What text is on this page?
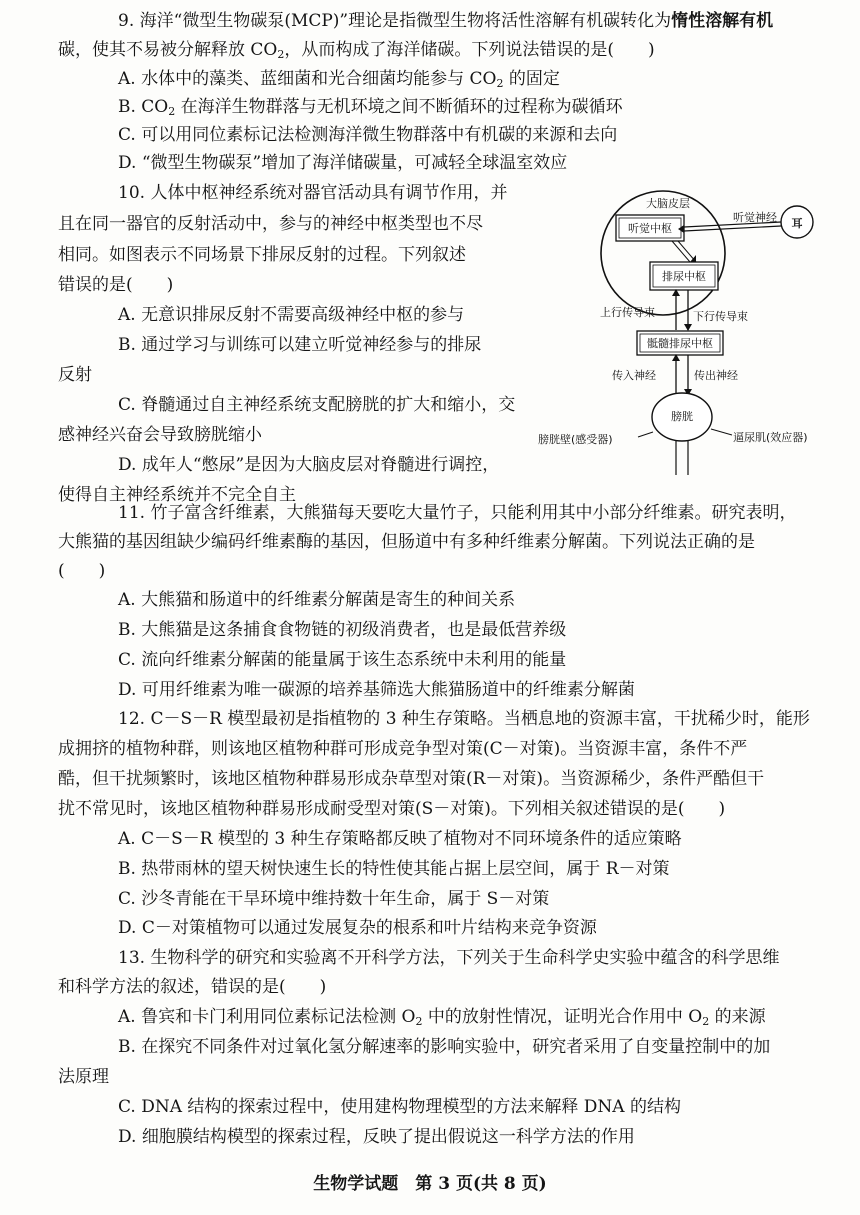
9. 海洋“微型生物碳泵(MCP)”理论是指微型生物将活性溶解有机碳转化为惰性溶解有机
碳，使其不易被分解释放 $CO_2$，从而构成了海洋储碳。下列说法错误的是(　　)
A. 水体中的藻类、蓝细菌和光合细菌均能参与 $CO_2$ 的固定
B. $CO_2$ 在海洋生物群落与无机环境之间不断循环的过程称为碳循环
C. 可以用同位素标记法检测海洋微生物群落中有机碳的来源和去向
D. “微型生物碳泵”增加了海洋储碳量，可减轻全球温室效应
10. 人体中枢神经系统对器官活动具有调节作用，并
且在同一器官的反射活动中，参与的神经中枢类型也不尽
相同。如图表示不同场景下排尿反射的过程。下列叙述
错误的是(　　)
A. 无意识排尿反射不需要高级神经中枢的参与
B. 通过学习与训练可以建立听觉神经参与的排尿
反射
C. 脊髓通过自主神经系统支配膀胱的扩大和缩小，交
感神经兴奋会导致膀胱缩小
D. 成年人“憋尿”是因为大脑皮层对脊髓进行调控，
使得自主神经系统并不完全自主
大脑皮层
听觉中枢
排尿中枢
耳
听觉神经
上行传导束	下行传导束
骶髓排尿中枢
传入神经	传出神经
膀胱
膀胱壁(感受器)	逼尿肌(效应器)
11. 竹子富含纤维素，大熊猫每天要吃大量竹子，只能利用其中小部分纤维素。研究表明，
大熊猫的基因组缺少编码纤维素酶的基因，但肠道中有多种纤维素分解菌。下列说法正确的是
(　　)
A. 大熊猫和肠道中的纤维素分解菌是寄生的种间关系
B. 大熊猫是这条捕食食物链的初级消费者，也是最低营养级
C. 流向纤维素分解菌的能量属于该生态系统中未利用的能量
D. 可用纤维素为唯一碳源的培养基筛选大熊猫肠道中的纤维素分解菌
12. C－S－R 模型最初是指植物的 3 种生存策略。当栖息地的资源丰富，干扰稀少时，能形
成拥挤的植物种群，则该地区植物种群可形成竞争型对策(C－对策)。当资源丰富，条件不严
酷，但干扰频繁时，该地区植物种群易形成杂草型对策(R－对策)。当资源稀少，条件严酷但干
扰不常见时，该地区植物种群易形成耐受型对策(S－对策)。下列相关叙述错误的是(　　)
A. C－S－R 模型的 3 种生存策略都反映了植物对不同环境条件的适应策略
B. 热带雨林的望天树快速生长的特性使其能占据上层空间，属于 R－对策
C. 沙冬青能在干旱环境中维持数十年生命，属于 S－对策
D. C－对策植物可以通过发展复杂的根系和叶片结构来竞争资源
13. 生物科学的研究和实验离不开科学方法，下列关于生命科学史实验中蕴含的科学思维
和科学方法的叙述，错误的是(　　)
A. 鲁宾和卡门利用同位素标记法检测 $O_2$ 中的放射性情况，证明光合作用中 $O_2$ 的来源
B. 在探究不同条件对过氧化氢分解速率的影响实验中，研究者采用了自变量控制中的加
法原理
C. DNA 结构的探索过程中，使用建构物理模型的方法来解释 DNA 的结构
D. 细胞膜结构模型的探索过程，反映了提出假说这一科学方法的作用
生物学试题　第 3 页(共 8 页)
